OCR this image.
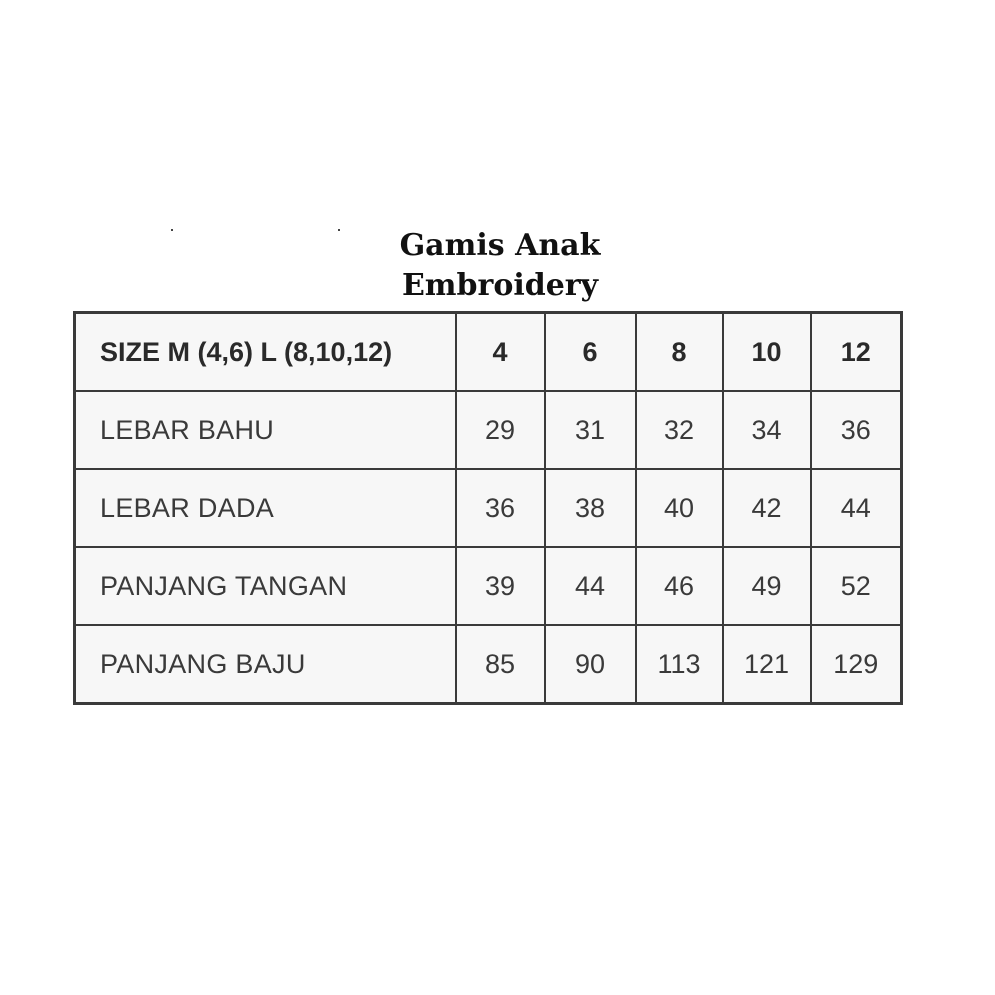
Gamis Anak
Embroidery
SIZE M (4,6) L (8,10,12)	4	6	8	10	12
LEBAR BAHU	29	31	32	34	36
LEBAR DADA	36	38	40	42	44
PANJANG TANGAN	39	44	46	49	52
PANJANG BAJU	85	90	113	121	129
